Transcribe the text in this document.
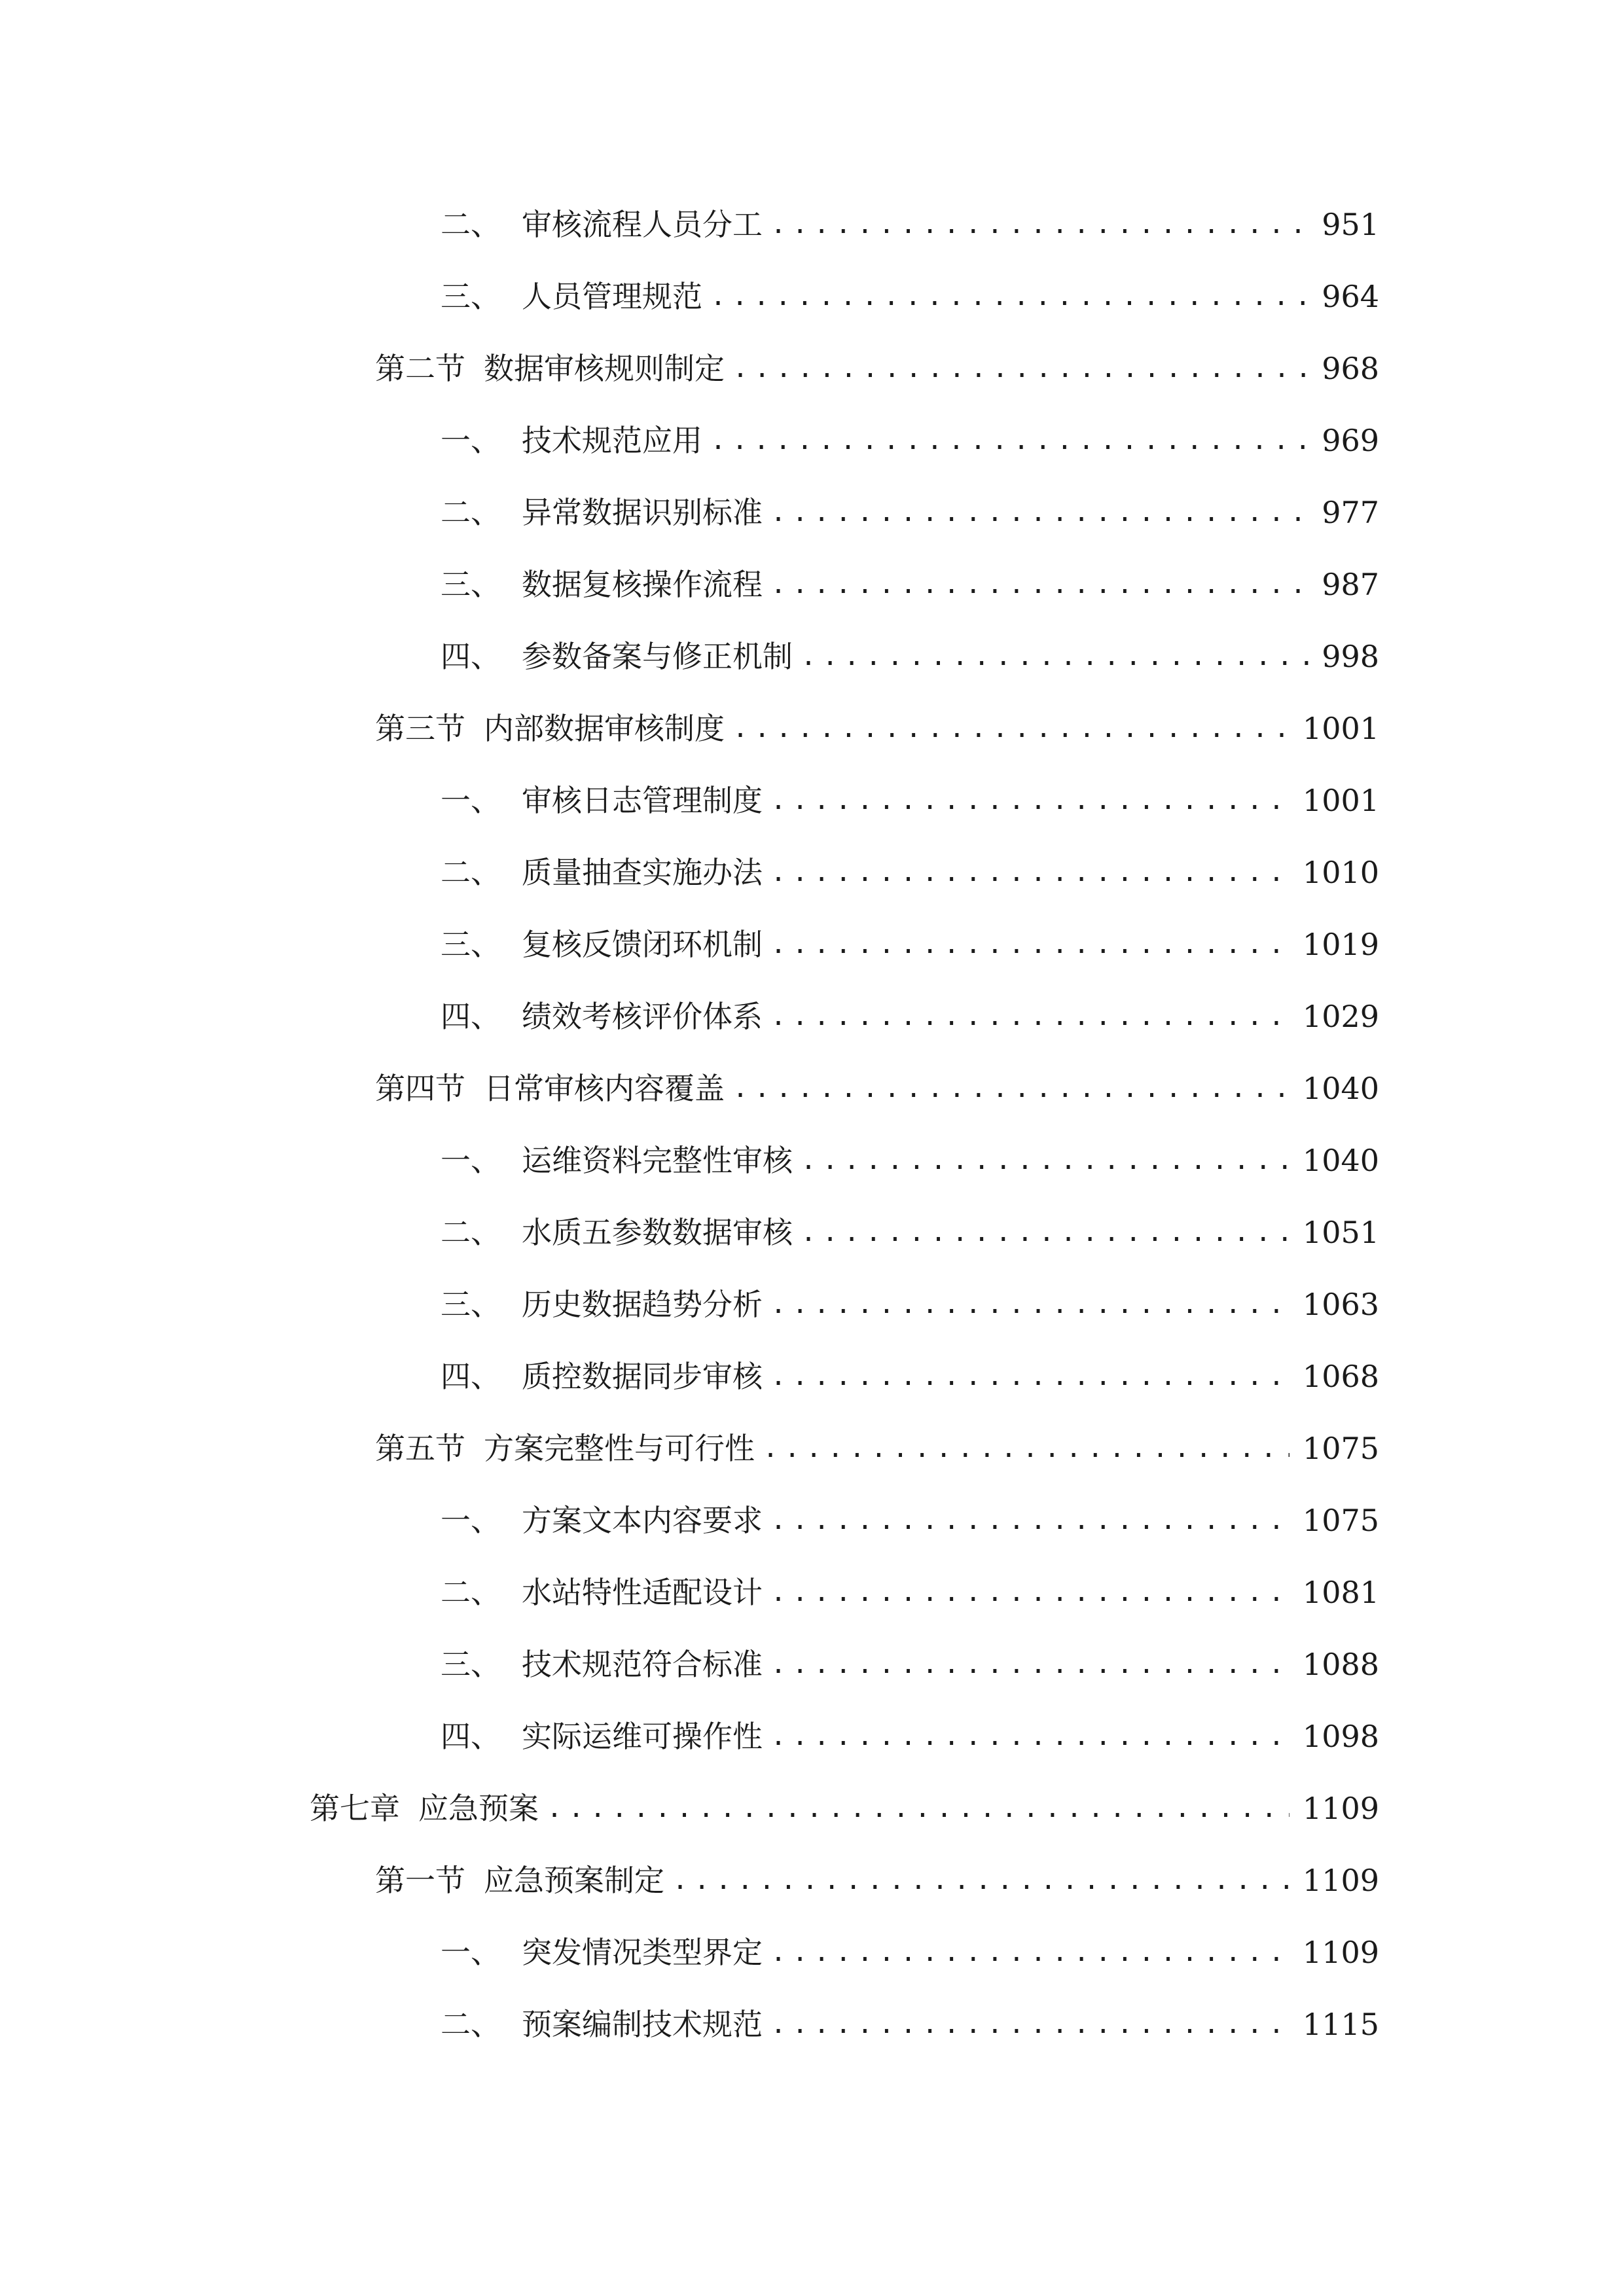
二、 审核流程人员分工 .....	951
三、 人员管理规范 .....	964
第二节 数据审核规则制定 .....	968
一、 技术规范应用 .....	969
二、 异常数据识别标准 .....	977
三、 数据复核操作流程 .....	987
四、 参数备案与修正机制 .....	998
第三节 内部数据审核制度 .....	1001
一、 审核日志管理制度 .....	1001
二、 质量抽查实施办法 .....	1010
三、 复核反馈闭环机制 .....	1019
四、 绩效考核评价体系 .....	1029
第四节 日常审核内容覆盖 .....	1040
一、 运维资料完整性审核 .....	1040
二、 水质五参数数据审核 .....	1051
三、 历史数据趋势分析 .....	1063
四、 质控数据同步审核 .....	1068
第五节 方案完整性与可行性 .....	1075
一、 方案文本内容要求 .....	1075
二、 水站特性适配设计 .....	1081
三、 技术规范符合标准 .....	1088
四、 实际运维可操作性 .....	1098
第七章 应急预案 .....	1109
第一节 应急预案制定 .....	1109
一、 突发情况类型界定 .....	1109
二、 预案编制技术规范 .....	1115
